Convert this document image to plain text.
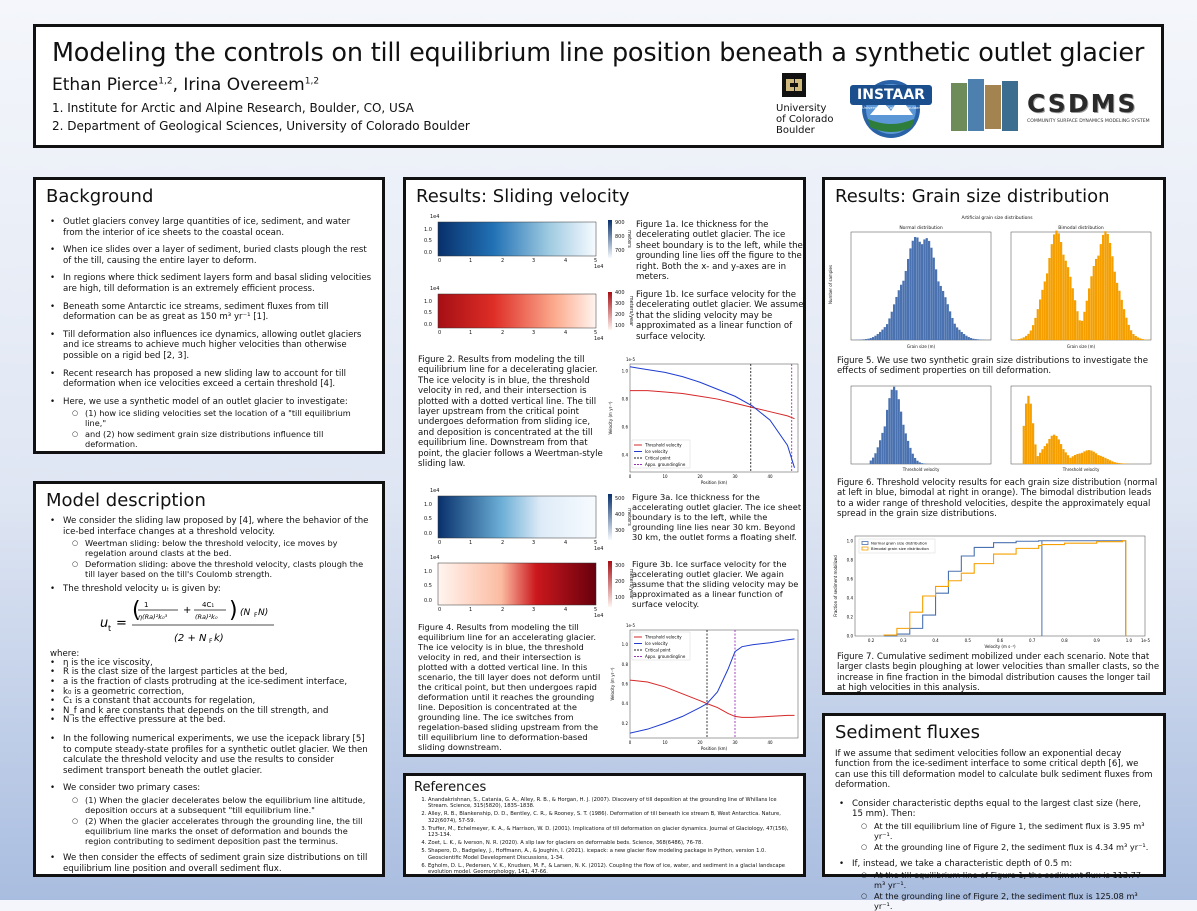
Modeling the controls on till equilibrium line position beneath a synthetic outlet glacier
Ethan Pierce$^{1,2}$, Irina Overeem$^{1,2}$
1. Institute for Arctic and Alpine Research, Boulder, CO, USA
2. Department of Geological Sciences, University of Colorado Boulder
University
of Colorado
Boulder
INSTAAR
University of Colorado Boulder	CSDMS
COMMUNITY SURFACE DYNAMICS MODELING SYSTEM
Background
• Outlet glaciers convey large quantities of ice, sediment, and water from the interior of ice sheets to the coastal ocean.
• When ice slides over a layer of sediment, buried clasts plough the rest of the till, causing the entire layer to deform.
• In regions where thick sediment layers form and basal sliding velocities are high, till deformation is an extremely efficient process.
• Beneath some Antarctic ice streams, sediment fluxes from till deformation can be as great as 150 m³ yr⁻¹ [1].
• Till deformation also influences ice dynamics, allowing outlet glaciers and ice streams to achieve much higher velocities than otherwise possible on a rigid bed [2, 3].
• Recent research has proposed a new sliding law to account for till deformation when ice velocities exceed a certain threshold [4].
• Here, we use a synthetic model of an outlet glacier to investigate:
○ (1) how ice sliding velocities set the location of a "till equilibrium line,"
○ and (2) how sediment grain size distributions influence till deformation.
Model description
• We consider the sliding law proposed by [4], where the behavior of the ice-bed interface changes at a threshold velocity.
○ Weertman sliding: below the threshold velocity, ice moves by regelation around clasts at the bed.
○ Deformation sliding: above the threshold velocity, clasts plough the till layer based on the till's Coulomb strength.
• The threshold velocity uₜ is given by:
u t =
( 1
η(Ra)²k₀³
+ 4C₁
(Ra)²k₀ ) (N F N)
(2 + N F k)
where:
• η is the ice viscosity,
• R is the clast size of the largest particles at the bed,
• a is the fraction of clasts protruding at the ice-sediment interface,
• k₀ is a geometric correction,
• C₁ is a constant that accounts for regelation,
• N_f and k are constants that depends on the till strength, and
• N is the effective pressure at the bed.
• In the following numerical experiments, we use the icepack library [5] to compute steady-state profiles for a synthetic outlet glacier. We then calculate the threshold velocity and use the results to consider sediment transport beneath the outlet glacier.
• We consider two primary cases:
○ (1) When the glacier decelerates below the equilibrium line altitude, deposition occurs at a subsequent "till equilibrium line."
○ (2) When the glacier accelerates through the grounding line, the till equilibrium line marks the onset of deformation and bounds the region contributing to sediment deposition past the terminus.
• We then consider the effects of sediment grain size distributions on till equilibrium line position and overall sediment flux.
Results: Sliding velocity
1e4
1.0
0.5
0.0
0	1	2	3	4	5
1e4
900
800
700
meters
Figure 1a. Ice thickness for the decelerating outlet glacier. The ice sheet boundary is to the left, while the grounding line lies off the figure to the right. Both the x- and y-axes are in meters.
1e4
1.0
0.5
0.0
0	1	2	3	4	5
1e4
400
300
200
100 meters/year
Figure 1b. Ice surface velocity for the decelerating outlet glacier. We assume that the sliding velocity may be approximated as a linear function of surface velocity.
Figure 2. Results from modeling the till equilibrium line for a decelerating glacier. The ice velocity is in blue, the threshold velocity in red, and their intersection is plotted with a dotted vertical line. The till layer upstream from the critical point undergoes deformation from sliding ice, and deposition is concentrated at the till equilibrium line. Downstream from that point, the glacier follows a Weertman-style sliding law.
0	10	20	30	40
0.4
0.6
0.8
1.0
1e-5
Position (km)
Velocity (m yr⁻¹)
Threshold velocity
Ice velocity
Critical point
Appx. groundingline
1e4
1.0
0.5
0.0
0	1	2	3	4	5
1e4
500
400
300
meters
Figure 3a. Ice thickness for the accelerating outlet glacier. The ice sheet boundary is to the left, while the grounding line lies near 30 km. Beyond 30 km, the outlet forms a floating shelf.
1e4
1.0
0.5
0.0
0	1	2	3	4	5
1e4
300
200
100 meters/year
Figure 3b. Ice surface velocity for the accelerating outlet glacier. We again assume that the sliding velocity may be approximated as a linear function of surface velocity.
Figure 4. Results from modeling the till equilibrium line for an accelerating glacier. The ice velocity is in blue, the threshold velocity in red, and their intersection is plotted with a dotted vertical line. In this scenario, the till layer does not deform until the critical point, but then undergoes rapid deformation until it reaches the grounding line. Deposition is concentrated at the grounding line. The ice switches from regelation-based sliding upstream from the till equilibrium line to deformation-based sliding downstream.	0	10	20	30	40
0.2
0.4
0.6
0.8
1.0
1e-5
Position (km)
Velocity (m yr⁻¹)
Threshold velocity
Ice velocity
Critical point
Appx. groundingline
References
1. Anandakrishnan, S., Catania, G. A., Alley, R. B., & Horgan, H. J. (2007). Discovery of till deposition at the grounding line of Whillans Ice Stream. Science, 315(5820), 1835–1838.
2. Alley, R. B., Blankenship, D. D., Bentley, C. R., & Rooney, S. T. (1986). Deformation of till beneath ice stream B, West Antarctica. Nature, 322(6074), 57-59.
3. Truffer, M., Echelmeyer, K. A., & Harrison, W. D. (2001). Implications of till deformation on glacier dynamics. Journal of Glaciology, 47(156), 123-134.
4. Zoet, L. K., & Iverson, N. R. (2020). A slip law for glaciers on deformable beds. Science, 368(6486), 76-78.
5. Shapero, D., Badgeley, J., Hoffmann, A., & Joughin, I. (2021). icepack: a new glacier flow modeling package in Python, version 1.0. Geoscientific Model Development Discussions, 1-34.
6. Egholm, D. L., Pedersen, V. K., Knudsen, M. F., & Larsen, N. K. (2012). Coupling the flow of ice, water, and sediment in a glacial landscape evolution model. Geomorphology, 141, 47-66.
Results: Grain size distribution
Artificial grain size distributions
Normal distribution	Bimodal distribution
Grain size (m)	Grain size (m)
Number of samples
Figure 5. We use two synthetic grain size distributions to investigate the effects of sediment properties on till deformation.
Threshold velocity	Threshold velocity
Figure 6. Threshold velocity results for each grain size distribution (normal at left in blue, bimodal at right in orange). The bimodal distribution leads to a wider range of threshold velocities, despite the approximately equal spread in the grain size distributions.
0.2	0.3	0.4	0.5	0.6	0.7	0.8	0.9	1.0
1.0
0.8
0.6
0.4
0.2
0.0
1e-5
Velocity (m s⁻¹)
Fraction of sediment mobilized
Normal grain size distribution
Bimodal grain size distribution
Figure 7. Cumulative sediment mobilized under each scenario. Note that larger clasts begin ploughing at lower velocities than smaller clasts, so the increase in fine fraction in the bimodal distribution causes the longer tail at high velocities in this analysis.
Sediment fluxes
If we assume that sediment velocities follow an exponential decay function from the ice-sediment interface to some critical depth [6], we can use this till deformation model to calculate bulk sediment fluxes from deformation.
• Consider characteristic depths equal to the largest clast size (here, 15 mm). Then:
○ At the till equilibrium line of Figure 1, the sediment flux is 3.95 m³ yr⁻¹.
○ At the grounding line of Figure 2, the sediment flux is 4.34 m³ yr⁻¹.
• If, instead, we take a characteristic depth of 0.5 m:
○ At the till equilibrium line of Figure 1, the sediment flux is 113.77 m³ yr⁻¹.
○ At the grounding line of Figure 2, the sediment flux is 125.08 m³ yr⁻¹.
